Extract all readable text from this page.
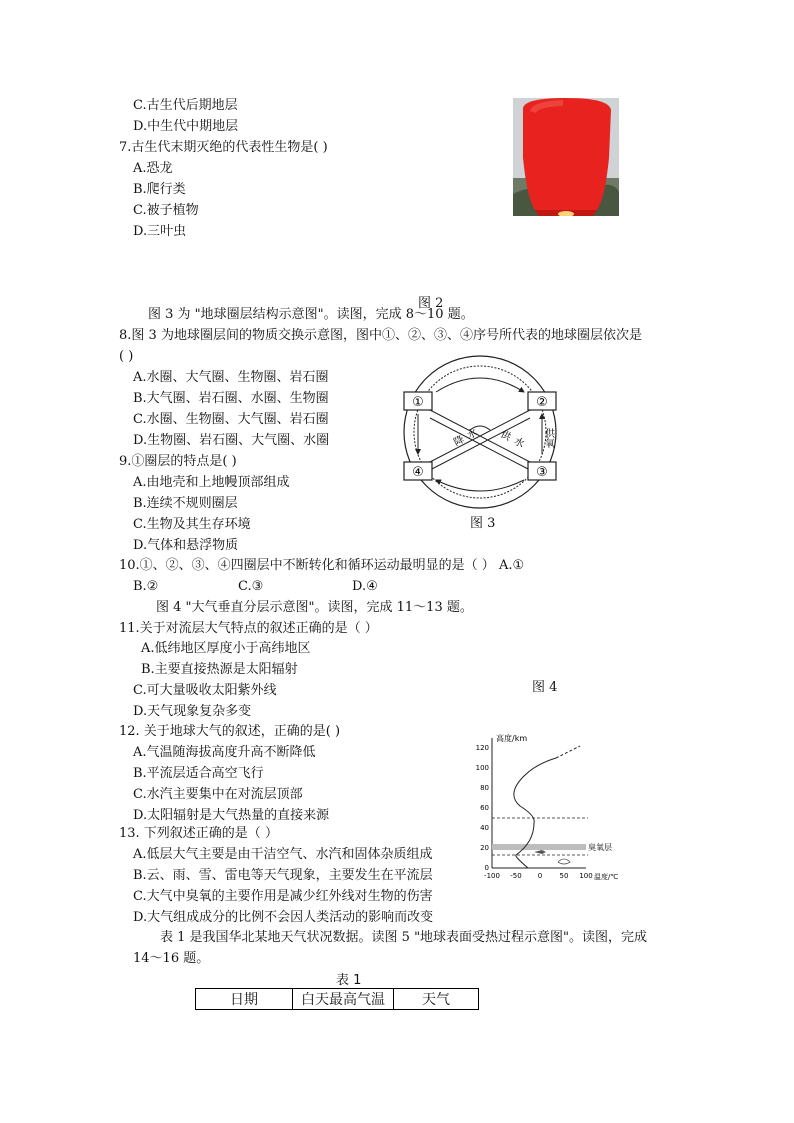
C.古生代后期地层
D.中生代中期地层
7.古生代末期灭绝的代表性生物是( )
A.恐龙
B.爬行类
C.被子植物
D.三叶虫
图 2
图 3 为 "地球圈层结构示意图"。读图，完成 8～10 题。
8.图 3 为地球圈层间的物质交换示意图，图中①、②、③、④序号所代表的地球圈层依次是
( )
A.水圈、大气圈、生物圈、岩石圈
B.大气圈、岩石圈、水圈、生物圈
C.水圈、生物圈、大气圈、岩石圈
D.生物圈、岩石圈、大气圈、水圈
9.①圈层的特点是( )
A.由地壳和上地幔顶部组成
B.连续不规则圈层
C.生物及其生存环境
D.气体和悬浮物质
①	②
④	③
降水 供水 供氧
图 3
10.①、②、③、④四圈层中不断转化和循环运动最明显的是（ ） A.①
B.②	C.③	D.④
图 4 "大气垂直分层示意图"。读图，完成 11～13 题。
11.关于对流层大气特点的叙述正确的是（ ）
A.低纬地区厚度小于高纬地区
B.主要直接热源是太阳辐射
C.可大量吸收太阳紫外线
D.天气现象复杂多变
图 4
12. 关于地球大气的叙述，正确的是( )
A.气温随海拔高度升高不断降低
B.平流层适合高空飞行
C.水汽主要集中在对流层顶部
D.太阳辐射是大气热量的直接来源
13. 下列叙述正确的是（ ）
A.低层大气主要是由干洁空气、水汽和固体杂质组成
B.云、雨、雪、雷电等天气现象，主要发生在平流层
C.大气中臭氧的主要作用是减少红外线对生物的伤害
D.大气组成成分的比例不会因人类活动的影响而改变
高度/km
0
20
40
60
80
100
120
-100 -50 0 50 100 温度/℃
臭氧层
表 1 是我国华北某地天气状况数据。读图 5 "地球表面受热过程示意图"。读图，完成
14～16 题。
表 1
日期	白天最高气温	天气
